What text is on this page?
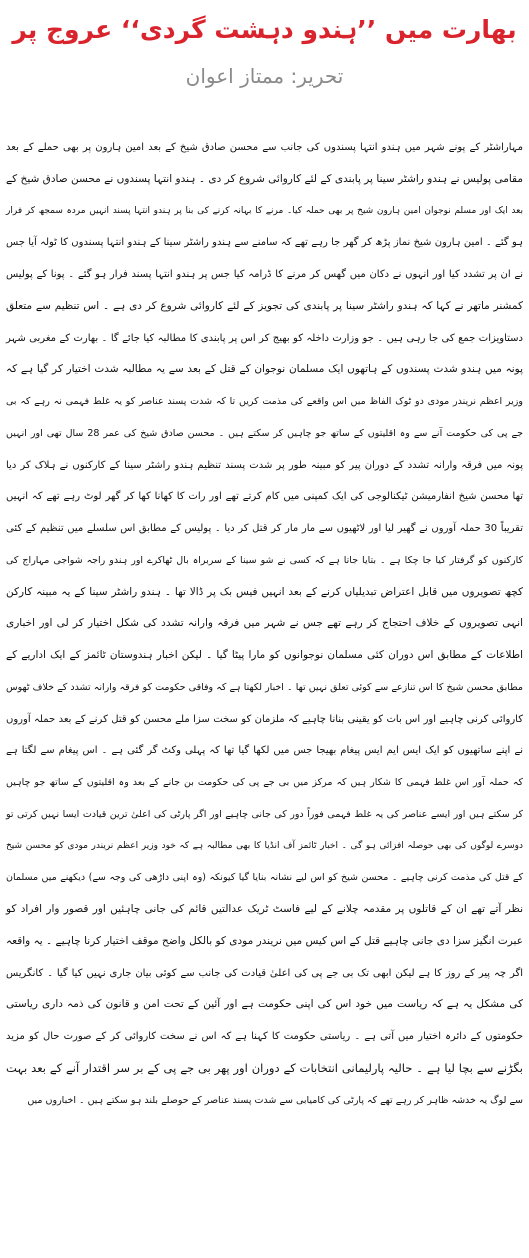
بھارت میں ’’ہندو دہشت گردی‘‘ عروج پر
تحریر: ممتاز اعوان
مہاراشٹر کے پونے شہر میں ہندو انتہا پسندوں کی جانب سے محسن صادق شیخ کے بعد امین ہارون پر بھی حملے کے بعد
مقامی پولیس نے ہندو راشٹر سینا پر پابندی کے لئے کاروائی شروع کر دی ۔ ہندو انتہا پسندوں نے محسن صادق شیخ کے
بعد ایک اور مسلم نوجوان امین ہارون شیخ پر بھی حملہ کیا۔ مرنے کا بہانہ کرنے کی بنا پر ہندو انتہا پسند انہیں مردہ سمجھ کر فرار
ہو گئے ۔ امین ہارون شیخ نماز پڑھ کر گھر جا رہے تھے کہ سامنے سے ہندو راشٹر سینا کے ہندو انتہا پسندوں کا ٹولہ آیا جس
نے ان پر تشدد کیا اور انہوں نے دکان میں گھس کر مرنے کا ڈرامہ کیا جس پر ہندو انتہا پسند فرار ہو گئے ۔ پونا کے پولیس
کمشنر ماتھر نے کہا کہ ہندو راشٹر سینا پر پابندی کی تجویز کے لئے کاروائی شروع کر دی ہے ۔ اس تنظیم سے متعلق
دستاویزات جمع کی جا رہی ہیں ۔ جو وزارت داخلہ کو بھیج کر اس پر پابندی کا مطالبہ کیا جائے گا ۔ بھارت کے مغربی شہر
پونہ میں ہندو شدت پسندوں کے ہاتھوں ایک مسلمان نوجوان کے قتل کے بعد سے یہ مطالبہ شدت اختیار کر گیا ہے کہ
وزیر اعظم نریندر مودی دو ٹوک الفاظ میں اس واقعے کی مذمت کریں تا کہ شدت پسند عناصر کو یہ غلط فہمی نہ رہے کہ بی
جے پی کی حکومت آنے سے وہ اقلیتوں کے ساتھ جو چاہیں کر سکتے ہیں ۔ محسن صادق شیخ کی عمر 28 سال تھی اور انہیں
پونہ میں فرقہ وارانہ تشدد کے دوران پیر کو مبینہ طور پر شدت پسند تنظیم ہندو راشٹر سینا کے کارکنوں نے ہلاک کر دیا
تھا محسن شیخ انفارمیشن ٹیکنالوجی کی ایک کمپنی میں کام کرتے تھے اور رات کا کھانا کھا کر گھر لوٹ رہے تھے کہ انہیں
تقریباً 30 حملہ آوروں نے گھیر لیا اور لاٹھیوں سے مار مار کر قتل کر دیا ۔ پولیس کے مطابق اس سلسلے میں تنظیم کے کئی
کارکنوں کو گرفتار کیا جا چکا ہے ۔ بتایا جاتا ہے کہ کسی نے شو سینا کے سربراہ بال ٹھاکرے اور ہندو راجہ شواجی مہاراج کی
کچھ تصویروں میں قابل اعتراض تبدیلیاں کرنے کے بعد انہیں فیس بک پر ڈالا تھا ۔ ہندو راشٹر سینا کے یہ مبینہ کارکن
انہی تصویروں کے خلاف احتجاج کر رہے تھے جس نے شہر میں فرقہ وارانہ تشدد کی شکل اختیار کر لی اور اخباری
اطلاعات کے مطابق اس دوران کئی مسلمان نوجوانوں کو مارا پیٹا گیا ۔ لیکن اخبار ہندوستان ٹائمز کے ایک اداریے کے
مطابق محسن شیخ کا اس تنازعے سے کوئی تعلق نہیں تھا ۔ اخبار لکھتا ہے کہ وفاقی حکومت کو فرقہ وارانہ تشدد کے خلاف ٹھوس
کاروائی کرنی چاہیے اور اس بات کو یقینی بنانا چاہیے کہ ملزمان کو سخت سزا ملے محسن کو قتل کرنے کے بعد حملہ آوروں
نے اپنے ساتھیوں کو ایک ایس ایم ایس پیغام بھیجا جس میں لکھا گیا تھا کہ پہلی وکٹ گر گئی ہے ۔ اس پیغام سے لگتا ہے
کہ حملہ آور اس غلط فہمی کا شکار ہیں کہ مرکز میں بی جے پی کی حکومت بن جانے کے بعد وہ اقلیتوں کے ساتھ جو چاہیں
کر سکتے ہیں اور ایسے عناصر کی یہ غلط فہمی فوراً دور کی جانی چاہیے اور اگر پارٹی کی اعلیٰ ترین قیادت ایسا نہیں کرتی تو
دوسرے لوگوں کی بھی حوصلہ افزائی ہو گی ۔ اخبار ٹائمز آف انڈیا کا بھی مطالبہ ہے کہ خود وزیر اعظم نریندر مودی کو محسن شیخ
کے قتل کی مذمت کرنی چاہیے ۔ محسن شیخ کو اس لیے نشانہ بنایا گیا کیونکہ (وہ اپنی داڑھی کی وجہ سے) دیکھنے میں مسلمان
نظر آتے تھے ان کے قاتلوں پر مقدمہ چلانے کے لیے فاسٹ ٹریک عدالتیں قائم کی جانی چاہئیں اور قصور وار افراد کو
عبرت انگیز سزا دی جانی چاہیے قتل کے اس کیس میں نریندر مودی کو بالکل واضح موقف اختیار کرنا چاہیے ۔ یہ واقعہ
اگر چہ پیر کے روز کا ہے لیکن ابھی تک بی جے پی کی اعلیٰ قیادت کی جانب سے کوئی بیان جاری نہیں کیا گیا ۔ کانگریس
کی مشکل یہ ہے کہ ریاست میں خود اس کی اپنی حکومت ہے اور آئین کے تحت امن و قانون کی ذمہ داری ریاستی
حکومتوں کے دائرہ اختیار میں آتی ہے ۔ ریاستی حکومت کا کہنا ہے کہ اس نے سخت کاروائی کر کے صورت حال کو مزید
بگڑنے سے بچا لیا ہے ۔ حالیہ پارلیمانی انتخابات کے دوران اور پھر بی جے پی کے بر سر اقتدار آنے کے بعد بہت
سے لوگ یہ خدشہ ظاہر کر رہے تھے کہ پارٹی کی کامیابی سے شدت پسند عناصر کے حوصلے بلند ہو سکتے ہیں ۔ اخباروں میں
